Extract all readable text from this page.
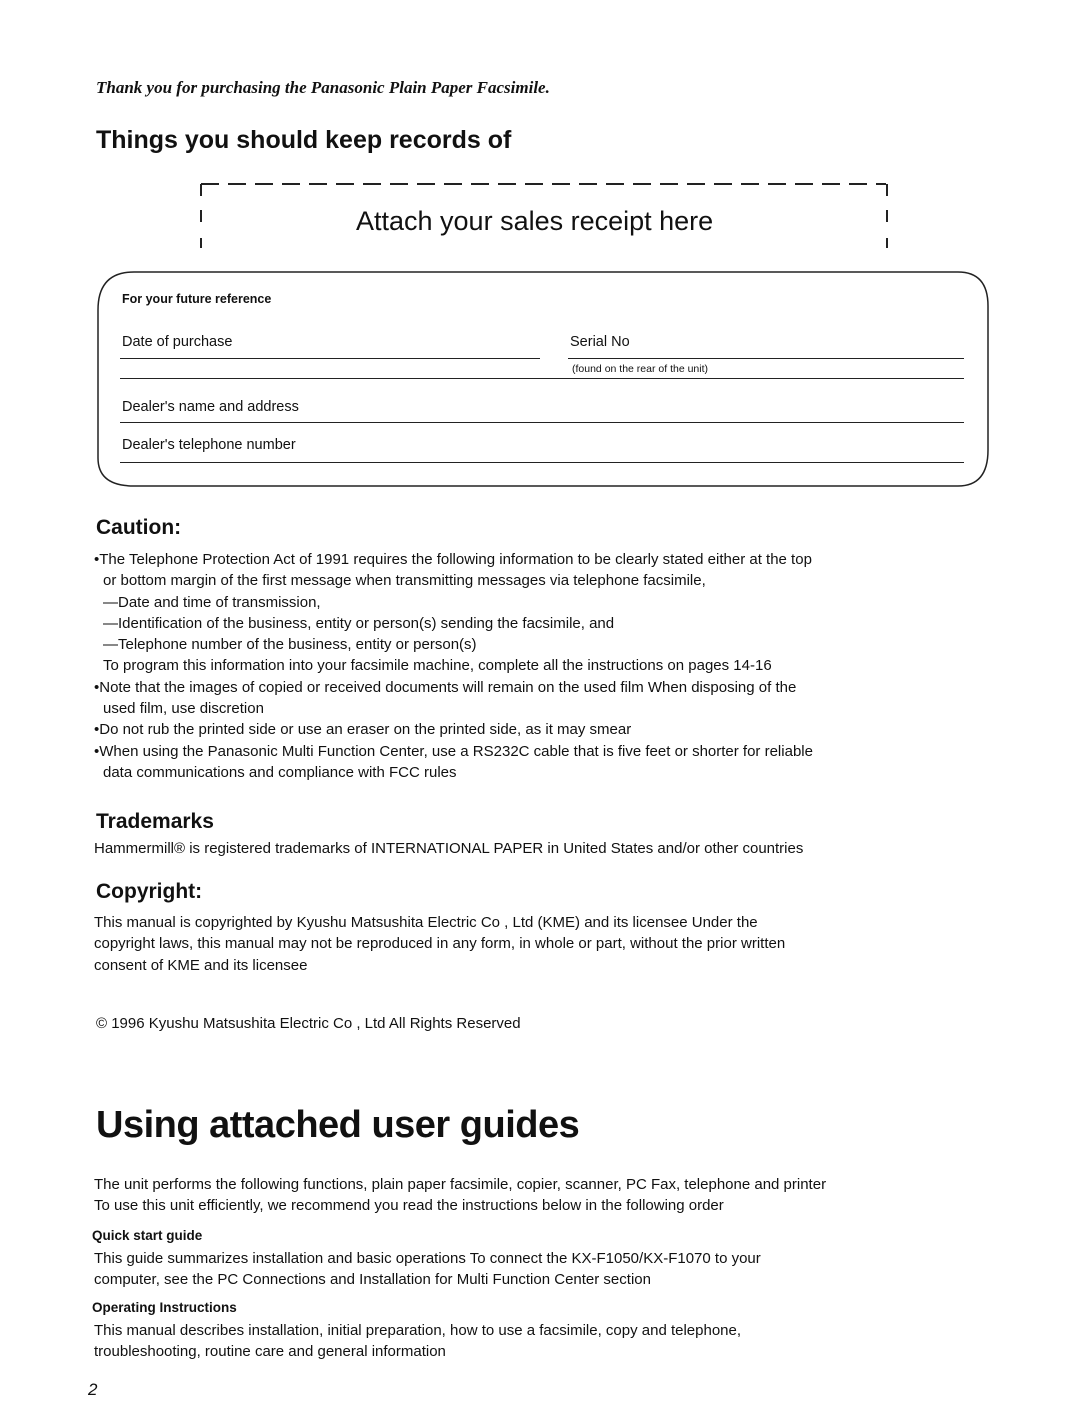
Thank you for purchasing the Panasonic Plain Paper Facsimile.
Things you should keep records of
Attach your sales receipt here
For your future reference
Date of purchase	Serial No
(found on the rear of the unit)
Dealer's name and address
Dealer's telephone number
Caution:
•The Telephone Protection Act of 1991 requires the following information to be clearly stated either at the top
or bottom margin of the first message when transmitting messages via telephone facsimile,
—Date and time of transmission,
—Identification of the business, entity or person(s) sending the facsimile, and
—Telephone number of the business, entity or person(s)
To program this information into your facsimile machine, complete all the instructions on pages 14-16
•Note that the images of copied or received documents will remain on the used film When disposing of the
used film, use discretion
•Do not rub the printed side or use an eraser on the printed side, as it may smear
•When using the Panasonic Multi Function Center, use a RS232C cable that is five feet or shorter for reliable
data communications and compliance with FCC rules
Trademarks
Hammermill® is registered trademarks of INTERNATIONAL PAPER in United States and/or other countries
Copyright:
This manual is copyrighted by Kyushu Matsushita Electric Co , Ltd (KME) and its licensee Under the
copyright laws, this manual may not be reproduced in any form, in whole or part, without the prior written
consent of KME and its licensee
© 1996 Kyushu Matsushita Electric Co , Ltd All Rights Reserved
Using attached user guides
The unit performs the following functions, plain paper facsimile, copier, scanner, PC Fax, telephone and printer
To use this unit efficiently, we recommend you read the instructions below in the following order
Quick start guide
This guide summarizes installation and basic operations To connect the KX-F1050/KX-F1070 to your
computer, see the PC Connections and Installation for Multi Function Center section
Operating Instructions
This manual describes installation, initial preparation, how to use a facsimile, copy and telephone,
troubleshooting, routine care and general information
2
